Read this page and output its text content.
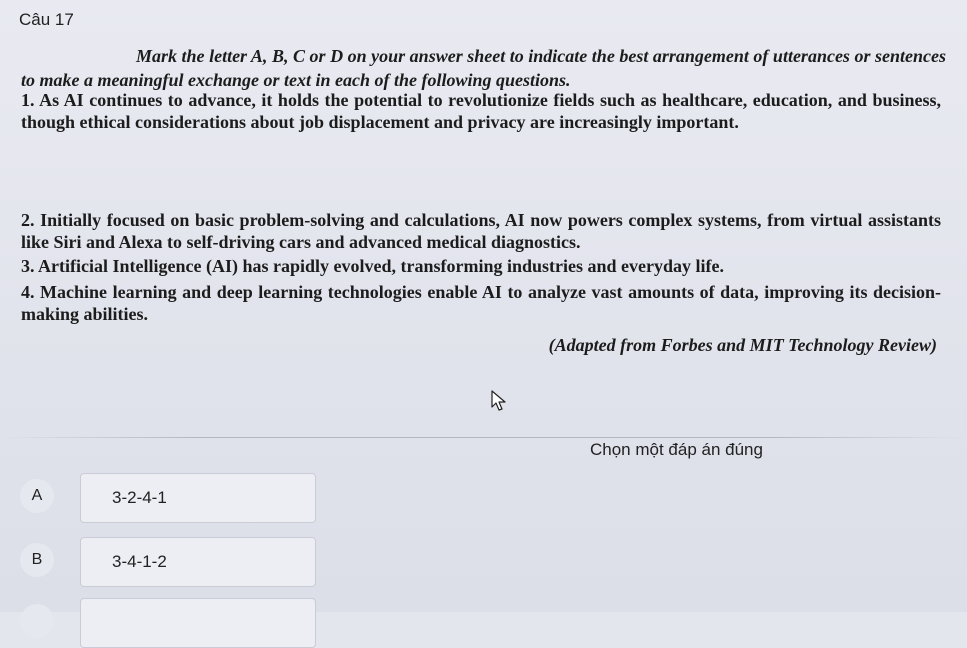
Câu 17
Mark the letter A, B, C or D on your answer sheet to indicate the best arrangement of utterances or sentences to make a meaningful exchange or text in each of the following questions.
1. As AI continues to advance, it holds the potential to revolutionize fields such as healthcare, education, and business, though ethical considerations about job displacement and privacy are increasingly important.
2. Initially focused on basic problem-solving and calculations, AI now powers complex systems, from virtual assistants like Siri and Alexa to self-driving cars and advanced medical diagnostics.
3. Artificial Intelligence (AI) has rapidly evolved, transforming industries and everyday life.
4. Machine learning and deep learning technologies enable AI to analyze vast amounts of data, improving its decision-making abilities.
(Adapted from Forbes and MIT Technology Review)
Chọn một đáp án đúng
A	3-2-4-1
B	3-4-1-2
